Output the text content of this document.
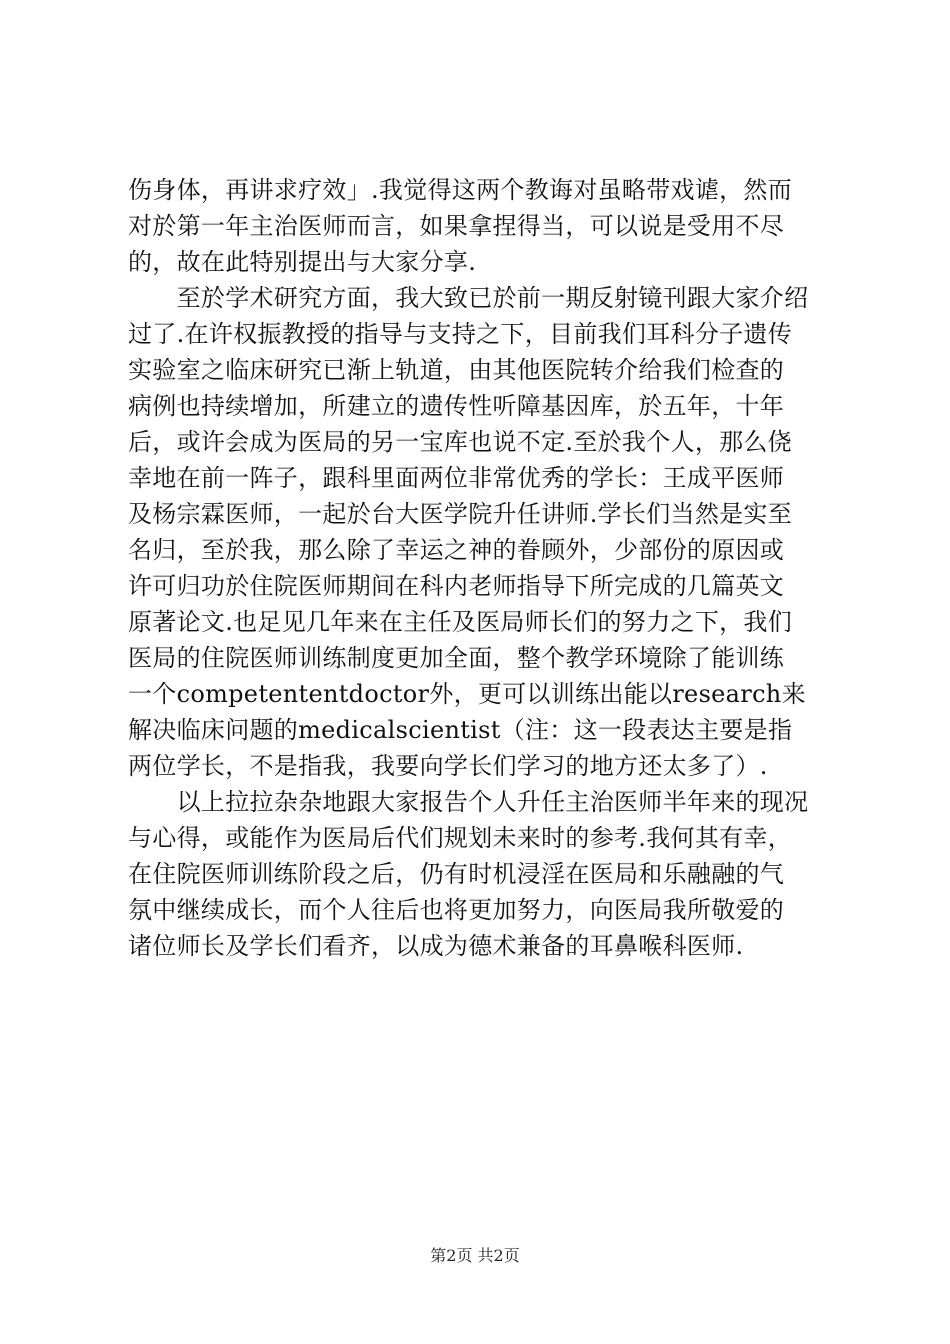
伤身体，再讲求疗效」.我觉得这两个教诲对虽略带戏谑，然而
对於第一年主治医师而言，如果拿捏得当，可以说是受用不尽
的，故在此特别提出与大家分享.
　　至於学术研究方面，我大致已於前一期反射镜刊跟大家介绍
过了.在许权振教授的指导与支持之下，目前我们耳科分子遗传
实验室之临床研究已渐上轨道，由其他医院转介给我们检查的
病例也持续增加，所建立的遗传性听障基因库，於五年，十年
后，或许会成为医局的另一宝库也说不定.至於我个人，那么侥
幸地在前一阵子，跟科里面两位非常优秀的学长：王成平医师
及杨宗霖医师，一起於台大医学院升任讲师.学长们当然是实至
名归，至於我，那么除了幸运之神的眷顾外，少部份的原因或
许可归功於住院医师期间在科内老师指导下所完成的几篇英文
原著论文.也足见几年来在主任及医局师长们的努力之下，我们
医局的住院医师训练制度更加全面，整个教学环境除了能训练
一个competententdoctor外，更可以训练出能以research来
解决临床问题的medicalscientist（注：这一段表达主要是指
两位学长，不是指我，我要向学长们学习的地方还太多了）.
　　以上拉拉杂杂地跟大家报告个人升任主治医师半年来的现况
与心得，或能作为医局后代们规划未来时的参考.我何其有幸，
在住院医师训练阶段之后，仍有时机浸淫在医局和乐融融的气
氛中继续成长，而个人往后也将更加努力，向医局我所敬爱的
诸位师长及学长们看齐，以成为德术兼备的耳鼻喉科医师.
第2页 共2页
